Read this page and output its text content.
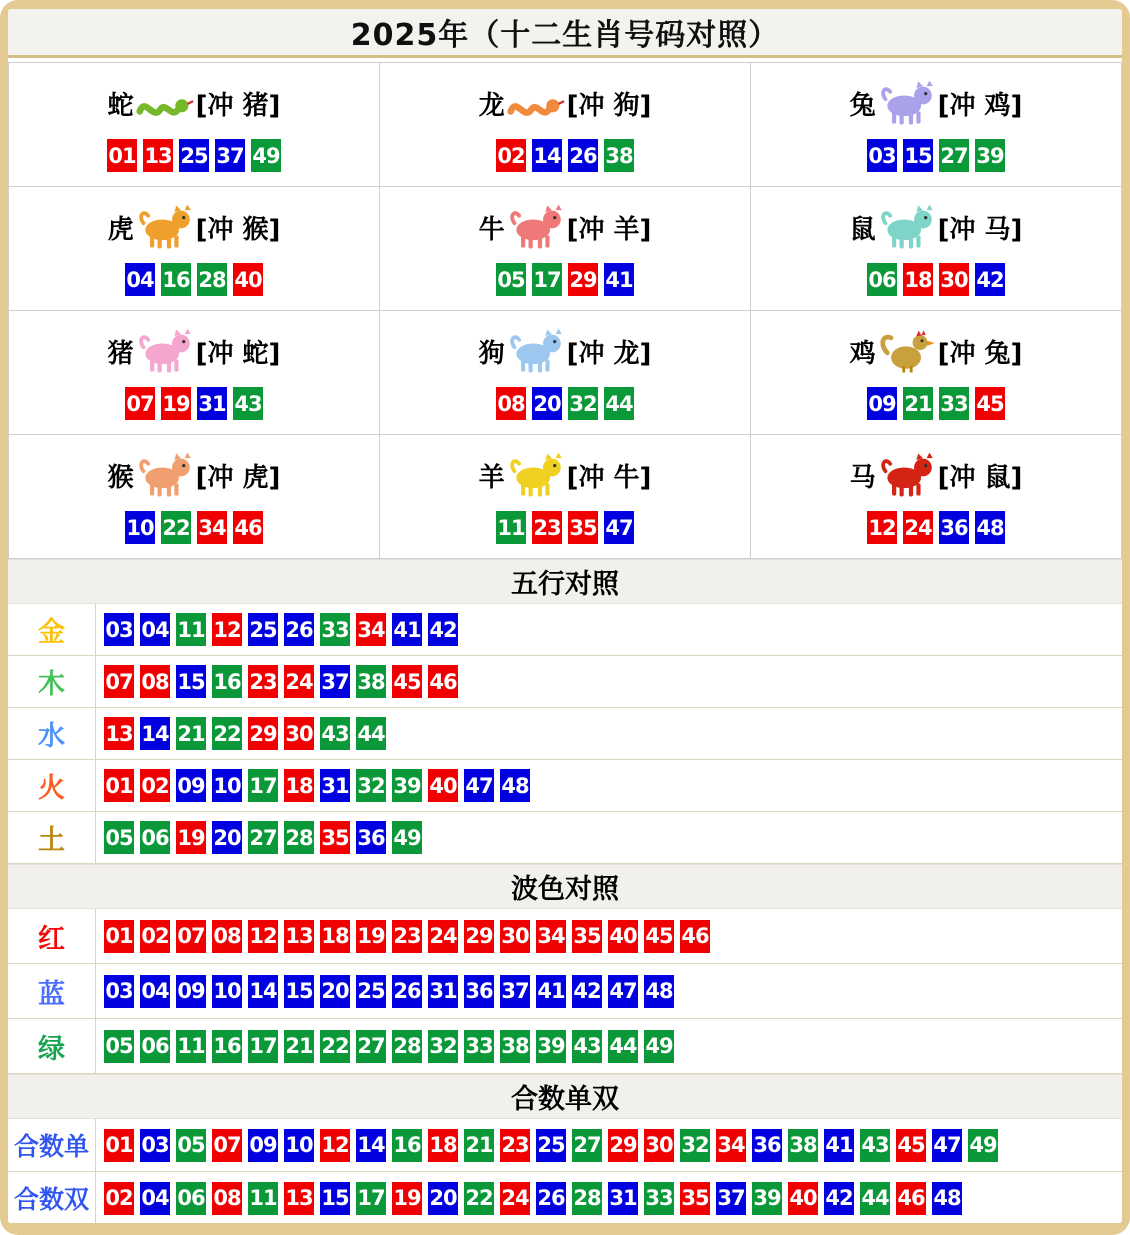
2025年（十二生肖号码对照）
蛇 [冲 猪]
01 13 25 37 49
龙 [冲 狗]
02 14 26 38
兔 [冲 鸡]
03 15 27 39
虎 [冲 猴]
04 16 28 40
牛 [冲 羊]
05 17 29 41
鼠 [冲 马]
06 18 30 42
猪 [冲 蛇]
07 19 31 43
狗 [冲 龙]
08 20 32 44
鸡 [冲 兔]
09 21 33 45
猴 [冲 虎]
10 22 34 46
羊 [冲 牛]
11 23 35 47
马 [冲 鼠]
12 24 36 48
五行对照
金	03 04 11 12 25 26 33 34 41 42
木	07 08 15 16 23 24 37 38 45 46
水	13 14 21 22 29 30 43 44
火	01 02 09 10 17 18 31 32 39 40 47 48
土	05 06 19 20 27 28 35 36 49
波色对照
红	01 02 07 08 12 13 18 19 23 24 29 30 34 35 40 45 46
蓝	03 04 09 10 14 15 20 25 26 31 36 37 41 42 47 48
绿	05 06 11 16 17 21 22 27 28 32 33 38 39 43 44 49
合数单双
合数单 01 03 05 07 09 10 12 14 16 18 21 23 25 27 29 30 32 34 36 38 41 43 45 47 49
合数双 02 04 06 08 11 13 15 17 19 20 22 24 26 28 31 33 35 37 39 40 42 44 46 48
